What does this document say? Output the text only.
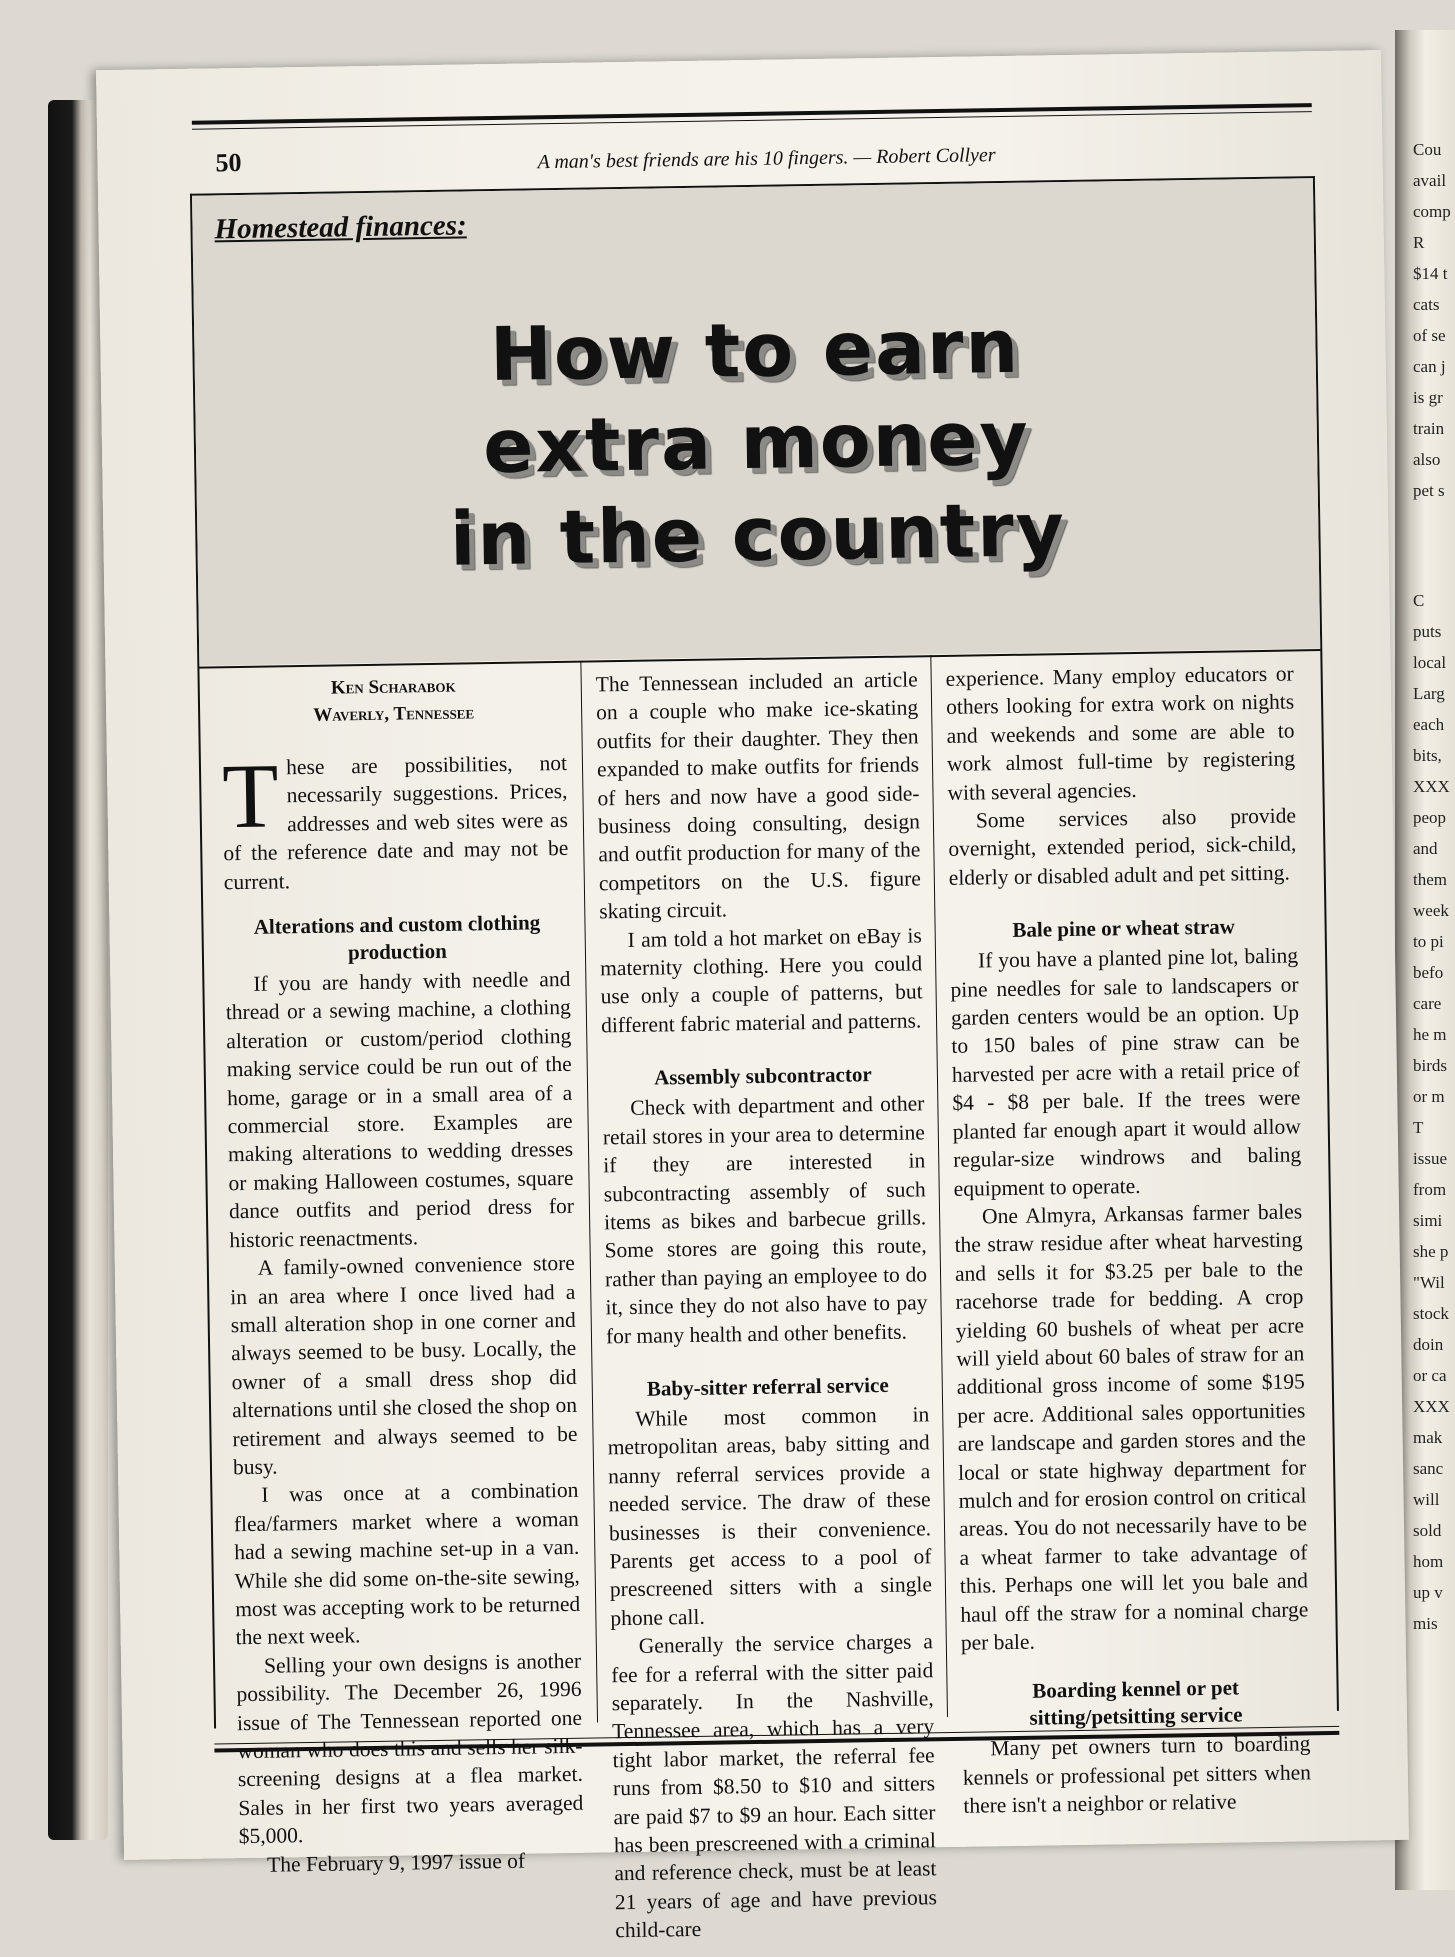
Cou
avail
comp
R
$14 t
cats
of se
can j
is gr
train
also
pet s
C
puts
local
Larg
each
bits,
XXX
peop
and
them
week
to pi
befo
care
he m
birds
or m
T
issue
from
simi
she p
"Wil
stock
doin
or ca
XXX
mak
sanc
will
sold
hom
up v
mis
50	A man's best friends are his 10 fingers. — Robert Collyer
Homestead finances:
How to earn
extra money
in the country
Ken Scharabok
Waverly, Tennessee

These are possibilities, not necessarily suggestions. Prices, addresses and web sites were as of the reference date and may not be current.

Alterations and custom clothing production

If you are handy with needle and thread or a sewing machine, a clothing alteration or custom/period clothing making service could be run out of the home, garage or in a small area of a commercial store. Examples are making alterations to wedding dresses or making Halloween costumes, square dance outfits and period dress for historic reenactments.

A family-owned convenience store in an area where I once lived had a small alteration shop in one corner and always seemed to be busy. Locally, the owner of a small dress shop did alternations until she closed the shop on retirement and always seemed to be busy.

I was once at a combination flea/farmers market where a woman had a sewing machine set-up in a van. While she did some on-the-site sewing, most was accepting work to be returned the next week.

Selling your own designs is another possibility. The December 26, 1996 issue of The Tennessean reported one woman who does this and sells her silk-screening designs at a flea market. Sales in her first two years averaged $5,000.

The February 9, 1997 issue of

The Tennessean included an article on a couple who make ice-skating outfits for their daughter. They then expanded to make outfits for friends of hers and now have a good side-business doing consulting, design and outfit production for many of the competitors on the U.S. figure skating circuit.

I am told a hot market on eBay is maternity clothing. Here you could use only a couple of patterns, but different fabric material and patterns.

Assembly subcontractor

Check with department and other retail stores in your area to determine if they are interested in subcontracting assembly of such items as bikes and barbecue grills. Some stores are going this route, rather than paying an employee to do it, since they do not also have to pay for many health and other benefits.

Baby-sitter referral service

While most common in metropolitan areas, baby sitting and nanny referral services provide a needed service. The draw of these businesses is their convenience. Parents get access to a pool of prescreened sitters with a single phone call.

Generally the service charges a fee for a referral with the sitter paid separately. In the Nashville, Tennessee area, which has a very tight labor market, the referral fee runs from $8.50 to $10 and sitters are paid $7 to $9 an hour. Each sitter has been prescreened with a criminal and reference check, must be at least 21 years of age and have previous child-care

experience. Many employ educators or others looking for extra work on nights and weekends and some are able to work almost full-time by registering with several agencies.

Some services also provide overnight, extended period, sick-child, elderly or disabled adult and pet sitting.

Bale pine or wheat straw

If you have a planted pine lot, baling pine needles for sale to landscapers or garden centers would be an option. Up to 150 bales of pine straw can be harvested per acre with a retail price of $4 - $8 per bale. If the trees were planted far enough apart it would allow regular-size windrows and baling equipment to operate.

One Almyra, Arkansas farmer bales the straw residue after wheat harvesting and sells it for $3.25 per bale to the racehorse trade for bedding. A crop yielding 60 bushels of wheat per acre will yield about 60 bales of straw for an additional gross income of some $195 per acre. Additional sales opportunities are landscape and garden stores and the local or state highway department for mulch and for erosion control on critical areas. You do not necessarily have to be a wheat farmer to take advantage of this. Perhaps one will let you bale and haul off the straw for a nominal charge per bale.

Boarding kennel or pet sitting/petsitting service

Many pet owners turn to boarding kennels or professional pet sitters when there isn't a neighbor or relative
